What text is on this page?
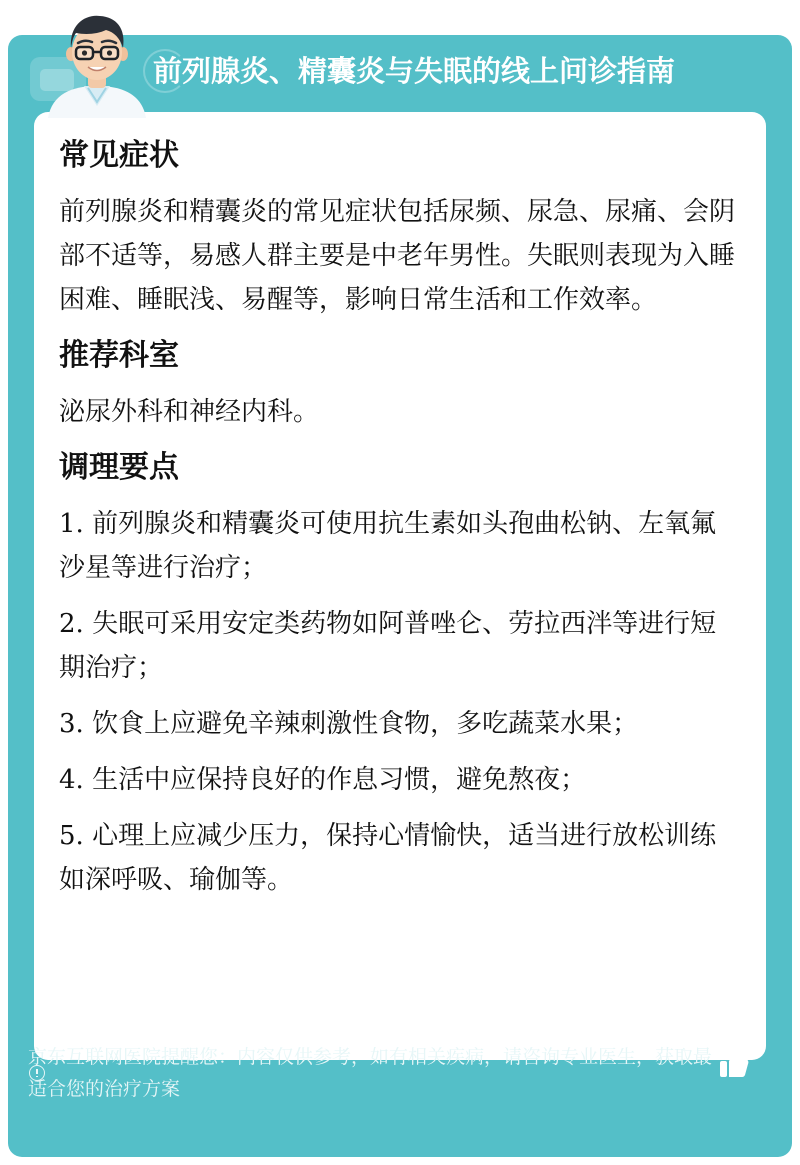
前列腺炎、精囊炎与失眠的线上问诊指南
常见症状

前列腺炎和精囊炎的常见症状包括尿频、尿急、尿痛、会阴部不适等，易感人群主要是中老年男性。失眠则表现为入睡困难、睡眠浅、易醒等，影响日常生活和工作效率。

推荐科室

泌尿外科和神经内科。

调理要点

1. 前列腺炎和精囊炎可使用抗生素如头孢曲松钠、左氧氟沙星等进行治疗；

2. 失眠可采用安定类药物如阿普唑仑、劳拉西泮等进行短期治疗；

3. 饮食上应避免辛辣刺激性食物，多吃蔬菜水果；

4. 生活中应保持良好的作息习惯，避免熬夜；

5. 心理上应减少压力，保持心情愉快，适当进行放松训练如深呼吸、瑜伽等。

京东互联网医院提醒您：内容仅供参考，如有相关疾病，请咨询专业医生，获取最适合您的治疗方案
